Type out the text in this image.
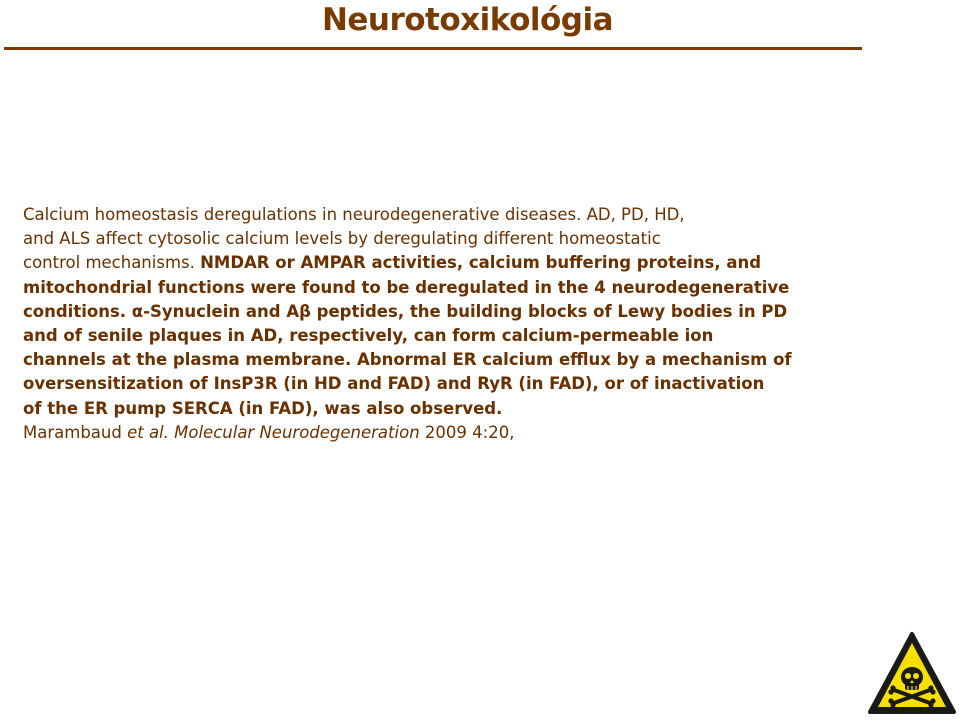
Neurotoxikológia
Calcium homeostasis deregulations in neurodegenerative diseases. AD, PD, HD,
and ALS affect cytosolic calcium levels by deregulating different homeostatic
control mechanisms. NMDAR or AMPAR activities, calcium buffering proteins, and
mitochondrial functions were found to be deregulated in the 4 neurodegenerative
conditions. α-Synuclein and Aβ peptides, the building blocks of Lewy bodies in PD
and of senile plaques in AD, respectively, can form calcium-permeable ion
channels at the plasma membrane. Abnormal ER calcium efflux by a mechanism of
oversensitization of InsP3R (in HD and FAD) and RyR (in FAD), or of inactivation
of the ER pump SERCA (in FAD), was also observed.
Marambaud et al. Molecular Neurodegeneration 2009 4:20,
